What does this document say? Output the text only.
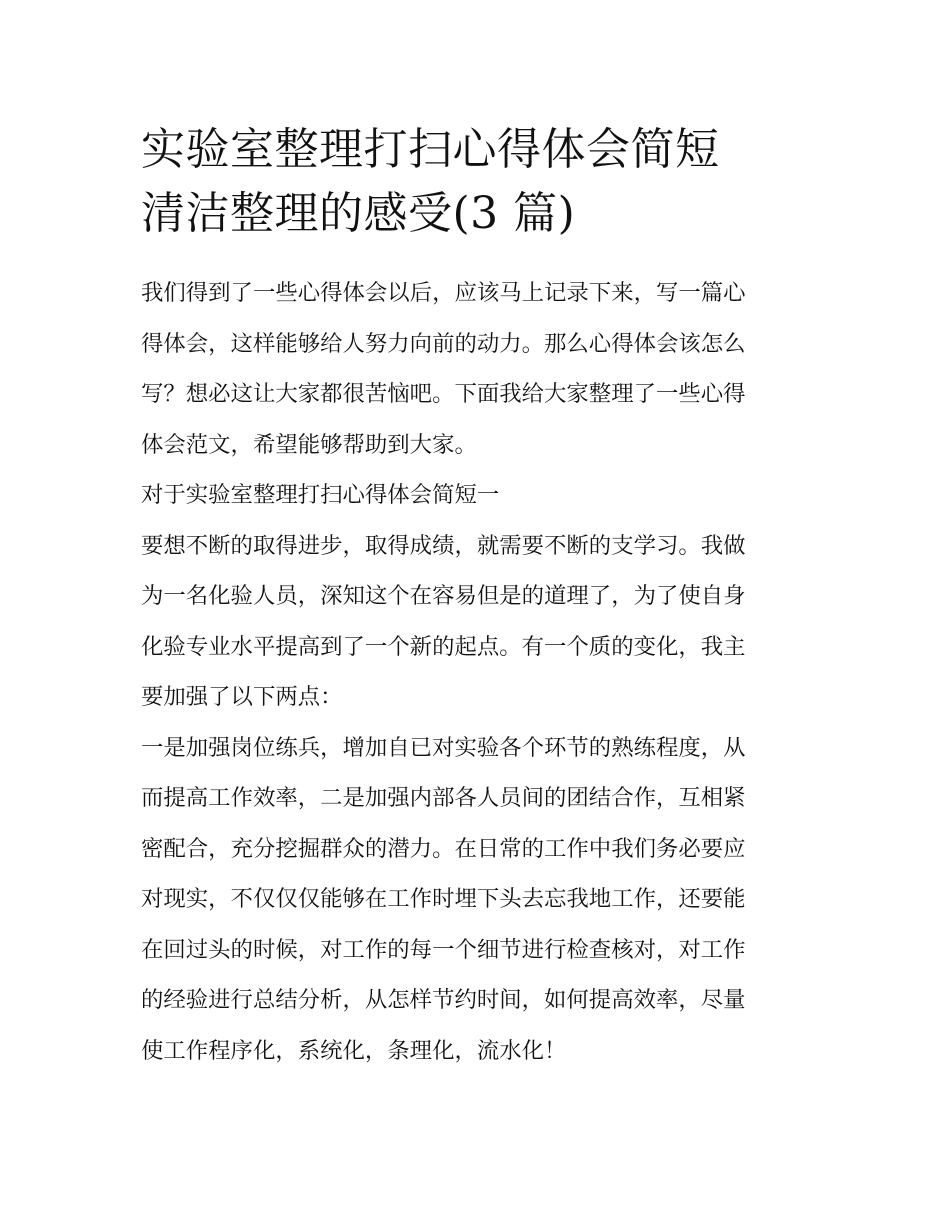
实验室整理打扫心得体会简短
清洁整理的感受(3 篇)

我们得到了一些心得体会以后，应该马上记录下来，写一篇心
得体会，这样能够给人努力向前的动力。那么心得体会该怎么
写？想必这让大家都很苦恼吧。下面我给大家整理了一些心得
体会范文，希望能够帮助到大家。

对于实验室整理打扫心得体会简短一

要想不断的取得进步，取得成绩，就需要不断的支学习。我做
为一名化验人员，深知这个在容易但是的道理了，为了使自身
化验专业水平提高到了一个新的起点。有一个质的变化，我主
要加强了以下两点：

一是加强岗位练兵，增加自已对实验各个环节的熟练程度，从
而提高工作效率，二是加强内部各人员间的团结合作，互相紧
密配合，充分挖掘群众的潜力。在日常的工作中我们务必要应
对现实，不仅仅仅能够在工作时埋下头去忘我地工作，还要能
在回过头的时候，对工作的每一个细节进行检查核对，对工作
的经验进行总结分析，从怎样节约时间，如何提高效率，尽量
使工作程序化，系统化，条理化，流水化！
